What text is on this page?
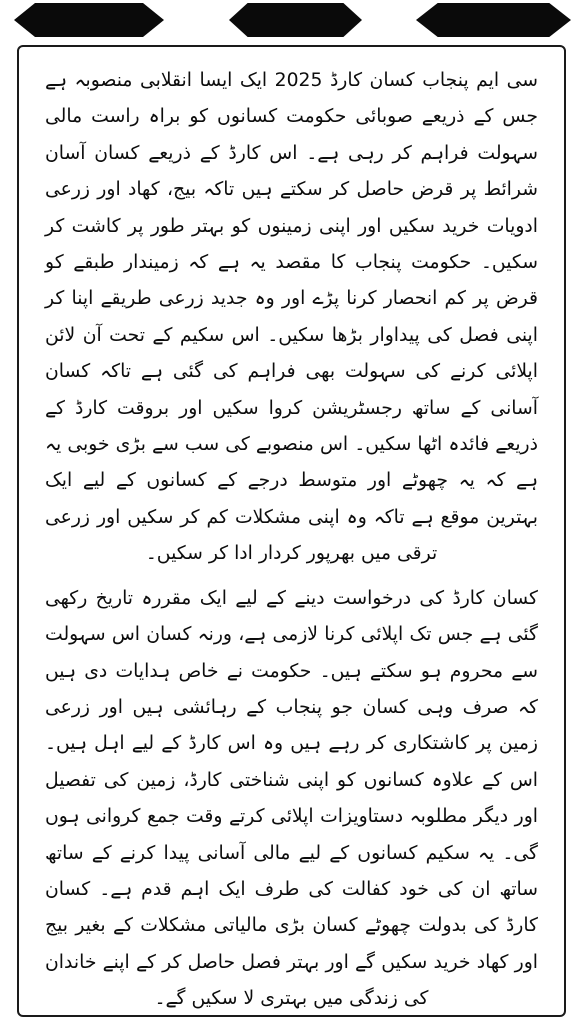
سی ایم پنجاب کسان کارڈ 2025 ایک ایسا انقلابی منصوبہ ہے جس کے ذریعے صوبائی حکومت کسانوں کو براہ راست مالی سہولت فراہم کر رہی ہے۔ اس کارڈ کے ذریعے کسان آسان شرائط پر قرض حاصل کر سکتے ہیں تاکہ بیج، کھاد اور زرعی ادویات خرید سکیں اور اپنی زمینوں کو بہتر طور پر کاشت کر سکیں۔ حکومت پنجاب کا مقصد یہ ہے کہ زمیندار طبقے کو قرض پر کم انحصار کرنا پڑے اور وہ جدید زرعی طریقے اپنا کر اپنی فصل کی پیداوار بڑھا سکیں۔ اس سکیم کے تحت آن لائن اپلائی کرنے کی سہولت بھی فراہم کی گئی ہے تاکہ کسان آسانی کے ساتھ رجسٹریشن کروا سکیں اور بروقت کارڈ کے ذریعے فائدہ اٹھا سکیں۔ اس منصوبے کی سب سے بڑی خوبی یہ ہے کہ یہ چھوٹے اور متوسط درجے کے کسانوں کے لیے ایک بہترین موقع ہے تاکہ وہ اپنی مشکلات کم کر سکیں اور زرعی ترقی میں بھرپور کردار ادا کر سکیں۔

کسان کارڈ کی درخواست دینے کے لیے ایک مقررہ تاریخ رکھی گئی ہے جس تک اپلائی کرنا لازمی ہے، ورنہ کسان اس سہولت سے محروم ہو سکتے ہیں۔ حکومت نے خاص ہدایات دی ہیں کہ صرف وہی کسان جو پنجاب کے رہائشی ہیں اور زرعی زمین پر کاشتکاری کر رہے ہیں وہ اس کارڈ کے لیے اہل ہیں۔ اس کے علاوہ کسانوں کو اپنی شناختی کارڈ، زمین کی تفصیل اور دیگر مطلوبہ دستاویزات اپلائی کرتے وقت جمع کروانی ہوں گی۔ یہ سکیم کسانوں کے لیے مالی آسانی پیدا کرنے کے ساتھ ساتھ ان کی خود کفالت کی طرف ایک اہم قدم ہے۔ کسان کارڈ کی بدولت چھوٹے کسان بڑی مالیاتی مشکلات کے بغیر بیج اور کھاد خرید سکیں گے اور بہتر فصل حاصل کر کے اپنے خاندان کی زندگی میں بہتری لا سکیں گے۔
